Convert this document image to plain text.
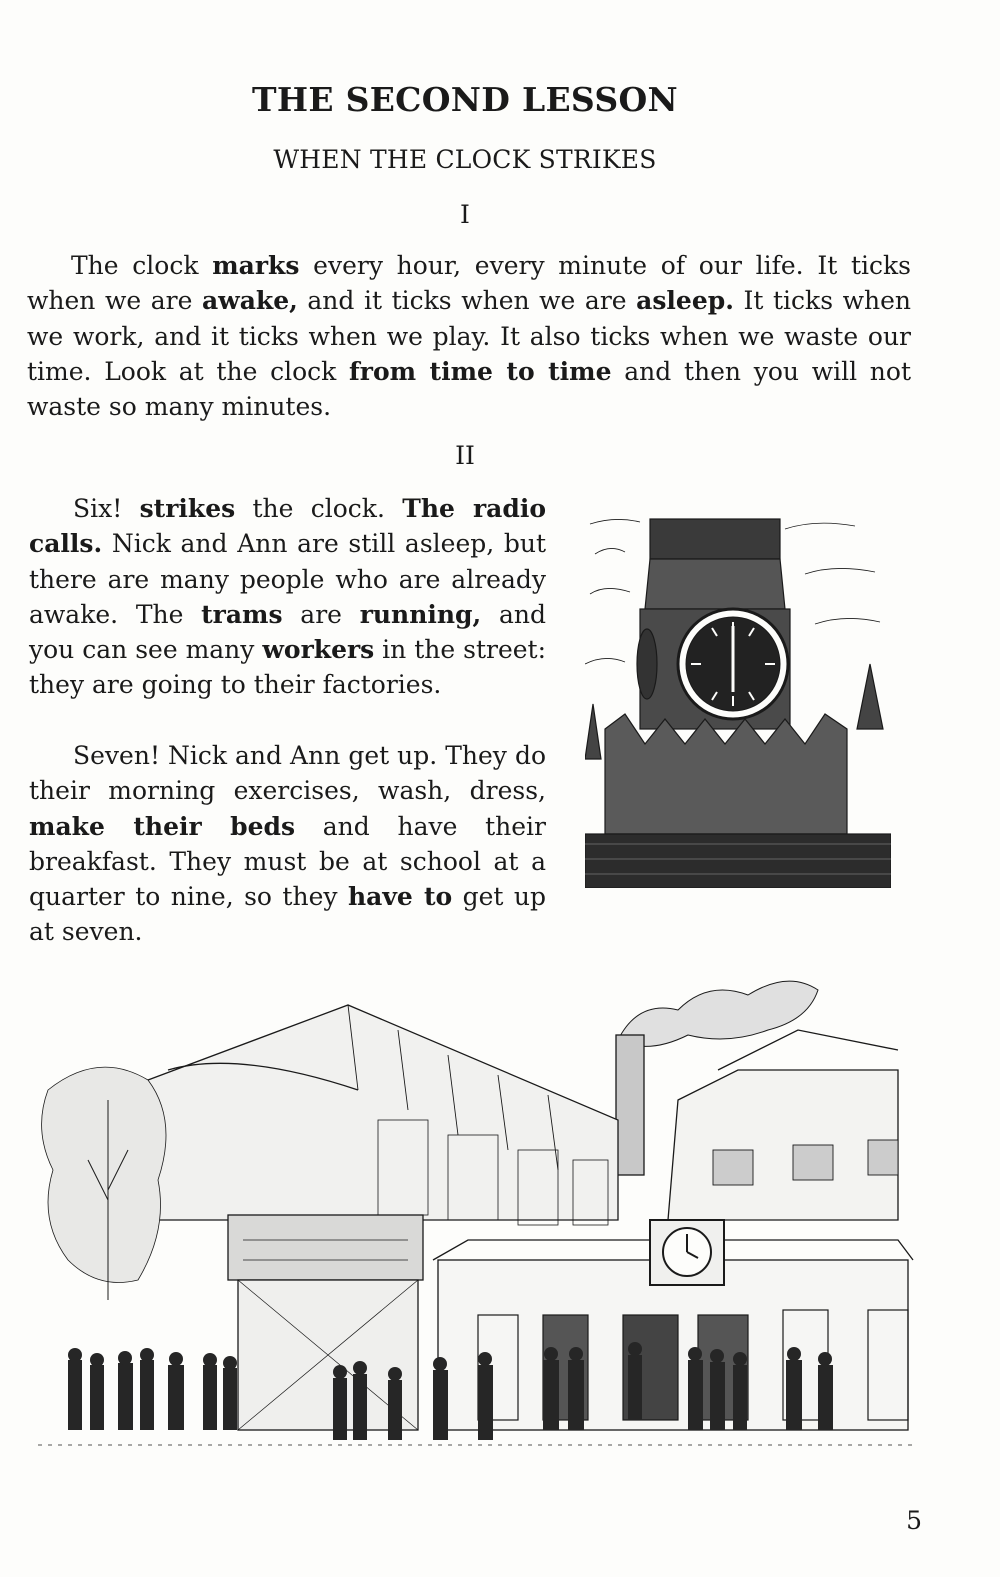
THE SECOND LESSON
WHEN THE CLOCK STRIKES
I

The clock marks every hour, every minute of our life. It ticks when we are awake, and it ticks when we are asleep. It ticks when we work, and it ticks when we play. It also ticks when we waste our time. Look at the clock from time to time and then you will not waste so many minutes.

II

Six! strikes the clock. The radio calls. Nick and Ann are still asleep, but there are many people who are already awake. The trams are running, and you can see many workers in the street: they are going to their factories.

Seven! Nick and Ann get up. They do their morning exercises, wash, dress, make their beds and have their breakfast. They must be at school at a quarter to nine, so they have to get up at seven.

5
